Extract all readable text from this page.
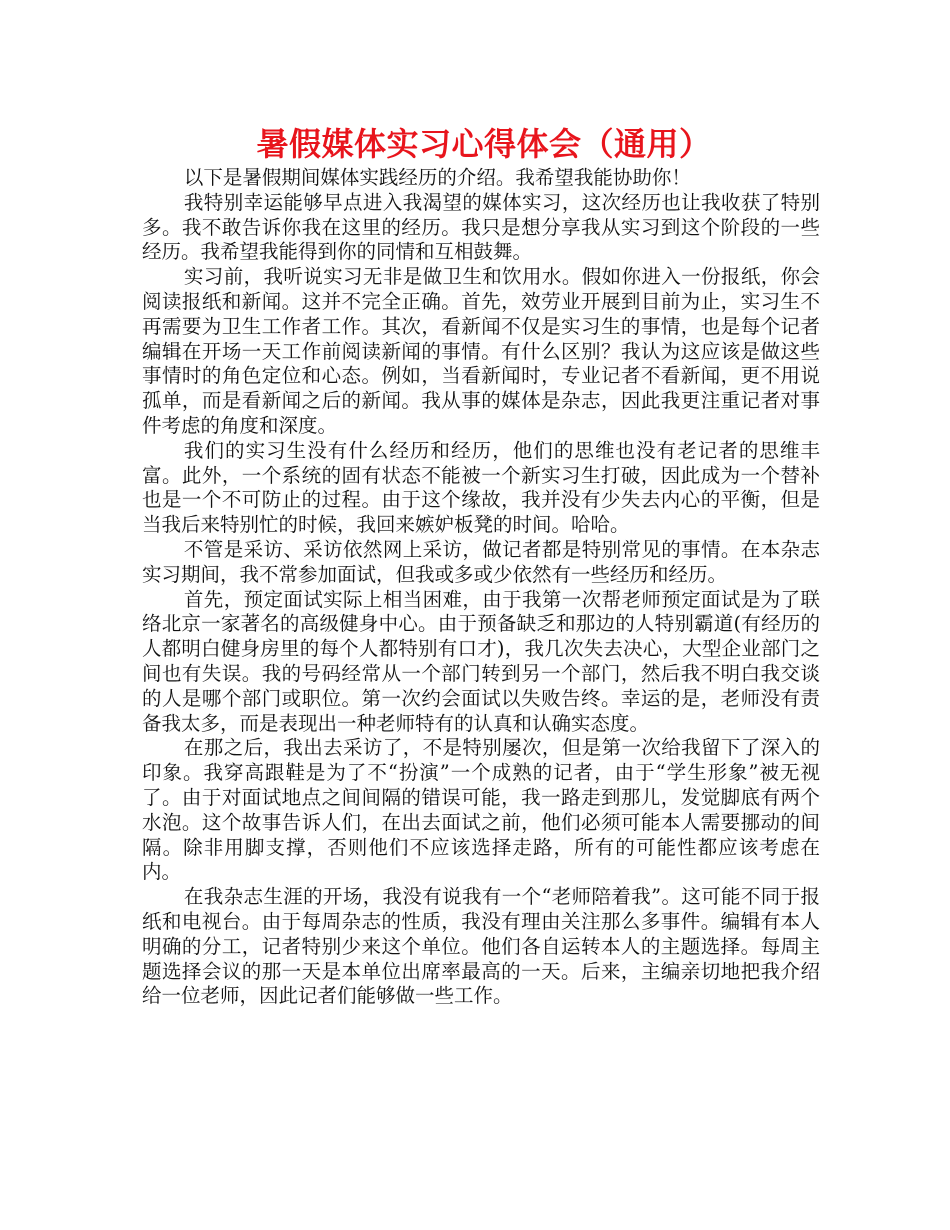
暑假媒体实习心得体会（通用）

以下是暑假期间媒体实践经历的介绍。我希望我能协助你！

我特别幸运能够早点进入我渴望的媒体实习，这次经历也让我收获了特别多。我不敢告诉你我在这里的经历。我只是想分享我从实习到这个阶段的一些经历。我希望我能得到你的同情和互相鼓舞。

实习前，我听说实习无非是做卫生和饮用水。假如你进入一份报纸，你会阅读报纸和新闻。这并不完全正确。首先，效劳业开展到目前为止，实习生不再需要为卫生工作者工作。其次，看新闻不仅是实习生的事情，也是每个记者编辑在开场一天工作前阅读新闻的事情。有什么区别？我认为这应该是做这些事情时的角色定位和心态。例如，当看新闻时，专业记者不看新闻，更不用说孤单，而是看新闻之后的新闻。我从事的媒体是杂志，因此我更注重记者对事件考虑的角度和深度。

我们的实习生没有什么经历和经历，他们的思维也没有老记者的思维丰富。此外，一个系统的固有状态不能被一个新实习生打破，因此成为一个替补也是一个不可防止的过程。由于这个缘故，我并没有少失去内心的平衡，但是当我后来特别忙的时候，我回来嫉妒板凳的时间。哈哈。

不管是采访、采访依然网上采访，做记者都是特别常见的事情。在本杂志实习期间，我不常参加面试，但我或多或少依然有一些经历和经历。

首先，预定面试实际上相当困难，由于我第一次帮老师预定面试是为了联络北京一家著名的高级健身中心。由于预备缺乏和那边的人特别霸道(有经历的人都明白健身房里的每个人都特别有口才)，我几次失去决心，大型企业部门之间也有失误。我的号码经常从一个部门转到另一个部门，然后我不明白我交谈的人是哪个部门或职位。第一次约会面试以失败告终。幸运的是，老师没有责备我太多，而是表现出一种老师特有的认真和认确实态度。

在那之后，我出去采访了，不是特别屡次，但是第一次给我留下了深入的印象。我穿高跟鞋是为了不“扮演”一个成熟的记者，由于“学生形象”被无视了。由于对面试地点之间间隔的错误可能，我一路走到那儿，发觉脚底有两个水泡。这个故事告诉人们，在出去面试之前，他们必须可能本人需要挪动的间隔。除非用脚支撑，否则他们不应该选择走路，所有的可能性都应该考虑在内。

在我杂志生涯的开场，我没有说我有一个“老师陪着我”。这可能不同于报纸和电视台。由于每周杂志的性质，我没有理由关注那么多事件。编辑有本人明确的分工，记者特别少来这个单位。他们各自运转本人的主题选择。每周主题选择会议的那一天是本单位出席率最高的一天。后来，主编亲切地把我介绍给一位老师，因此记者们能够做一些工作。
